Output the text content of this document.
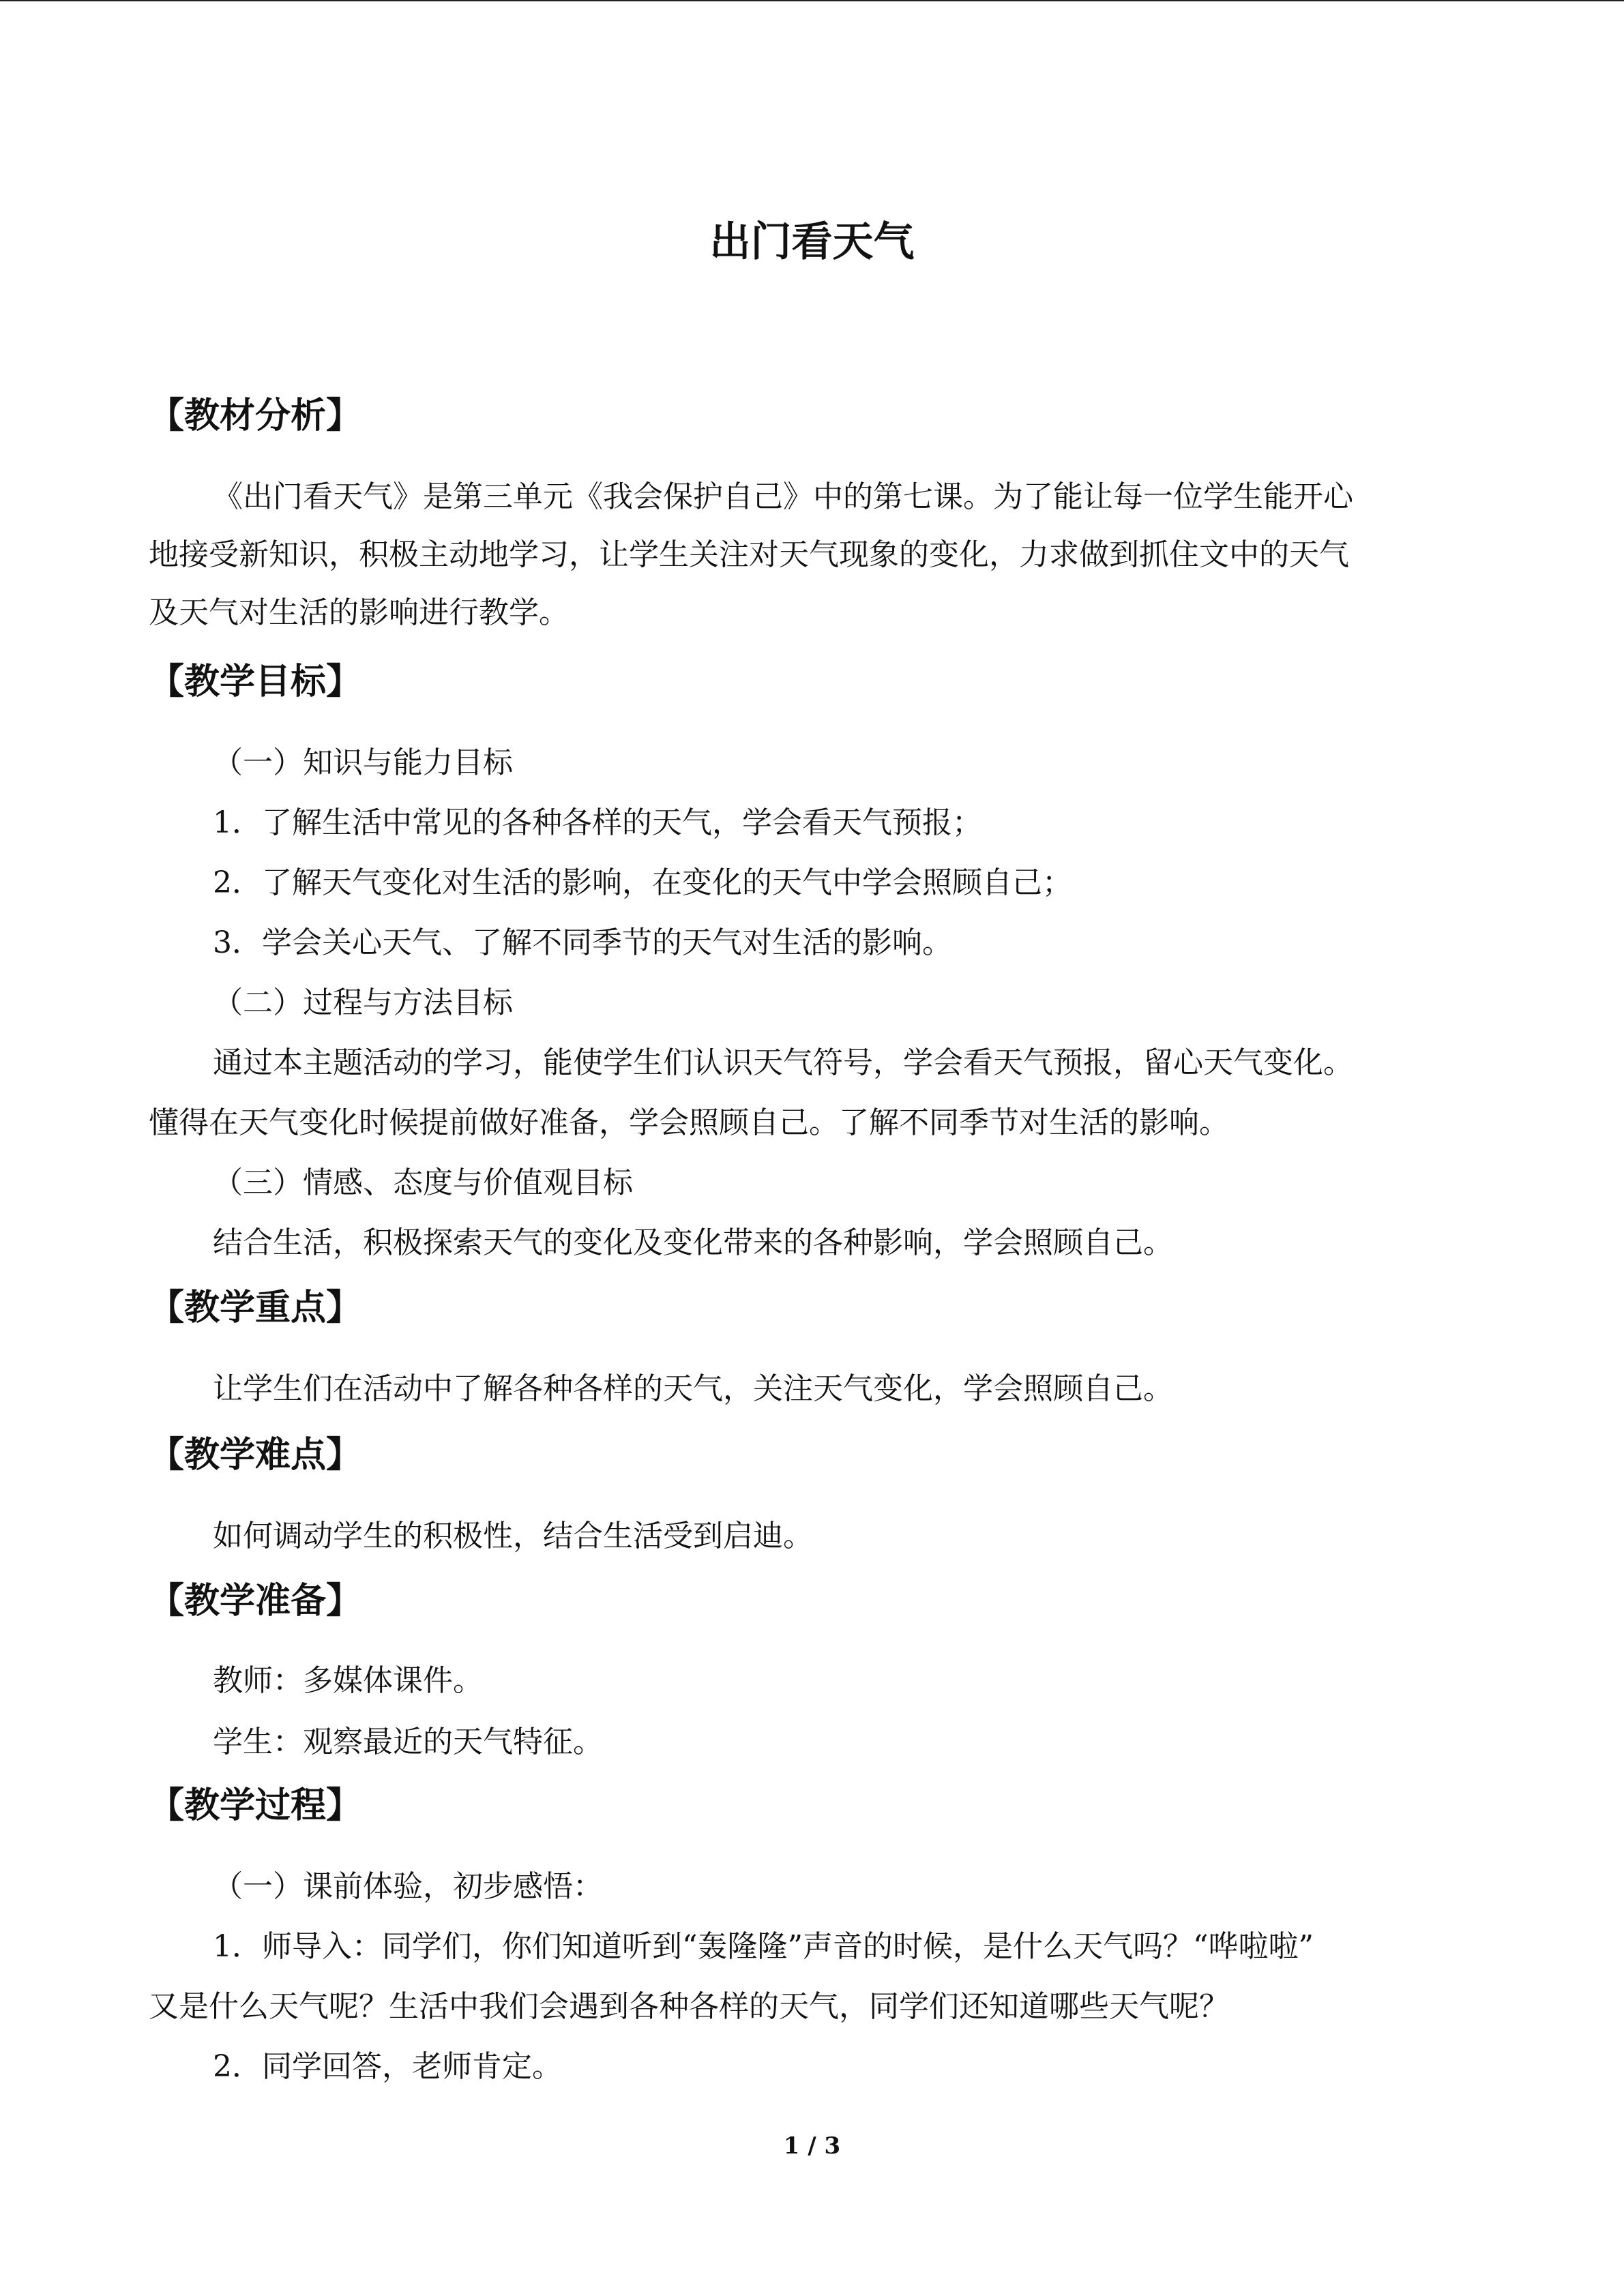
出门看天气
【教材分析】
《出门看天气》是第三单元《我会保护自己》中的第七课。为了能让每一位学生能开心
地接受新知识，积极主动地学习，让学生关注对天气现象的变化，力求做到抓住文中的天气
及天气对生活的影响进行教学。
【教学目标】
（一）知识与能力目标
1．了解生活中常见的各种各样的天气，学会看天气预报；
2．了解天气变化对生活的影响，在变化的天气中学会照顾自己；
3．学会关心天气、了解不同季节的天气对生活的影响。
（二）过程与方法目标
通过本主题活动的学习，能使学生们认识天气符号，学会看天气预报，留心天气变化。
懂得在天气变化时候提前做好准备，学会照顾自己。了解不同季节对生活的影响。
（三）情感、态度与价值观目标
结合生活，积极探索天气的变化及变化带来的各种影响，学会照顾自己。
【教学重点】
让学生们在活动中了解各种各样的天气，关注天气变化，学会照顾自己。
【教学难点】
如何调动学生的积极性，结合生活受到启迪。
【教学准备】
教师：多媒体课件。
学生：观察最近的天气特征。
【教学过程】
（一）课前体验，初步感悟：
1．师导入：同学们，你们知道听到“轰隆隆”声音的时候，是什么天气吗？“哗啦啦”
又是什么天气呢？生活中我们会遇到各种各样的天气，同学们还知道哪些天气呢？
2．同学回答，老师肯定。
1 / 3
